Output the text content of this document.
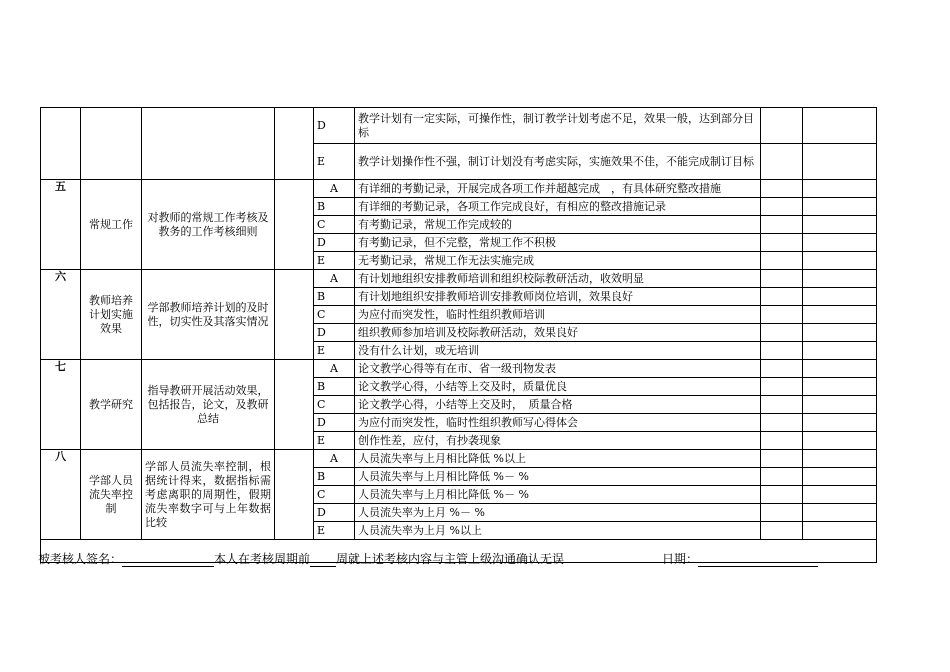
				D	教学计划有一定实际，可操作性，制订教学计划考虑不足，效果一般，达到部分目标		
				E	教学计划操作性不强，制订计划没有考虑实际，实施效果不佳，不能完成制订目标		
五	常规工作	对教师的常规工作考核及教务的工作考核细则		A	有详细的考勤记录，开展完成各项工作并超越完成　，有具体研究整改措施		
				B	有详细的考勤记录，各项工作完成良好，有相应的整改措施记录		
				C	有考勤记录，常规工作完成较的		
				D	有考勤记录，但不完整，常规工作不积极		
				E	无考勤记录，常规工作无法实施完成		
六	教师培养计划实施效果	学部教师培养计划的及时性，切实性及其落实情况		A	有计划地组织安排教师培训和组织校际教研活动，收效明显		
				B	有计划地组织安排教师培训安排教师岗位培训，效果良好		
				C	为应付而突发性，临时性组织教师培训		
				D	组织教师参加培训及校际教研活动，效果良好		
				E	没有什么计划，或无培训		
七	教学研究	指导教研开展活动效果，包括报告，论文，及教研总结		A	论文教学心得等有在市、省一级刊物发表		
				B	论文教学心得，小结等上交及时，质量优良		
				C	论文教学心得，小结等上交及时，　质量合格		
				D	为应付而突发性，临时性组织教师写心得体会		
				E	创作性差，应付，有抄袭现象		
八	学部人员流失率控制	学部人员流失率控制，根据统计得来，数据指标需考虑离职的周期性，假期流失率数字可与上年数据比较		A	人员流失率与上月相比降低 %以上		
				B	人员流失率与上月相比降低 %－ %		
				C	人员流失率与上月相比降低 %－ %		
				D	人员流失率为上月 %－ %		
				E	人员流失率为上月 %以上		

被考核人签名：	本人在考核周期前 周就上述考核内容与主管上级沟通确认无误	日期：
